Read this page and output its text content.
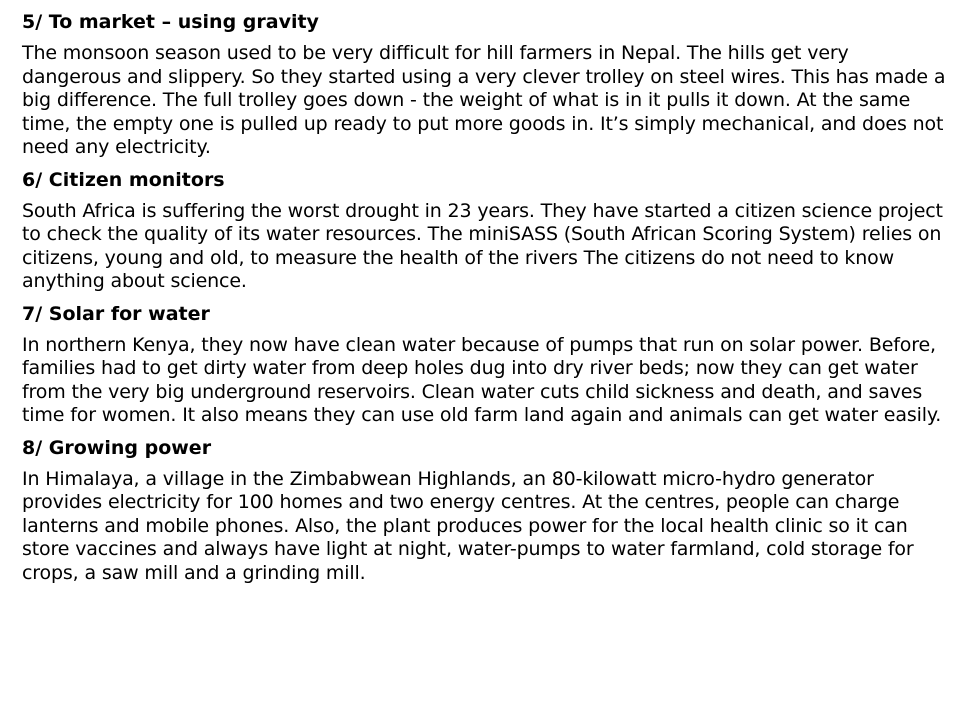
5/ To market – using gravity

The monsoon season used to be very difficult for hill farmers in Nepal. The hills get very dangerous and slippery. So they started using a very clever trolley on steel wires. This has made a big difference. The full trolley goes down - the weight of what is in it pulls it down. At the same time, the empty one is pulled up ready to put more goods in. It’s simply mechanical, and does not need any electricity.

6/ Citizen monitors

South Africa is suffering the worst drought in 23 years. They have started a citizen science project to check the quality of its water resources. The miniSASS (South African Scoring System) relies on citizens, young and old, to measure the health of the rivers The citizens do not need to know anything about science.

7/ Solar for water

In northern Kenya, they now have clean water because of pumps that run on solar power. Before, families had to get dirty water from deep holes dug into dry river beds; now they can get water from the very big underground reservoirs. Clean water cuts child sickness and death, and saves time for women. It also means they can use old farm land again and animals can get water easily.

8/ Growing power

In Himalaya, a village in the Zimbabwean Highlands, an 80-kilowatt micro-hydro generator provides electricity for 100 homes and two energy centres. At the centres, people can charge lanterns and mobile phones. Also, the plant produces power for the local health clinic so it can store vaccines and always have light at night, water-pumps to water farmland, cold storage for crops, a saw mill and a grinding mill.
